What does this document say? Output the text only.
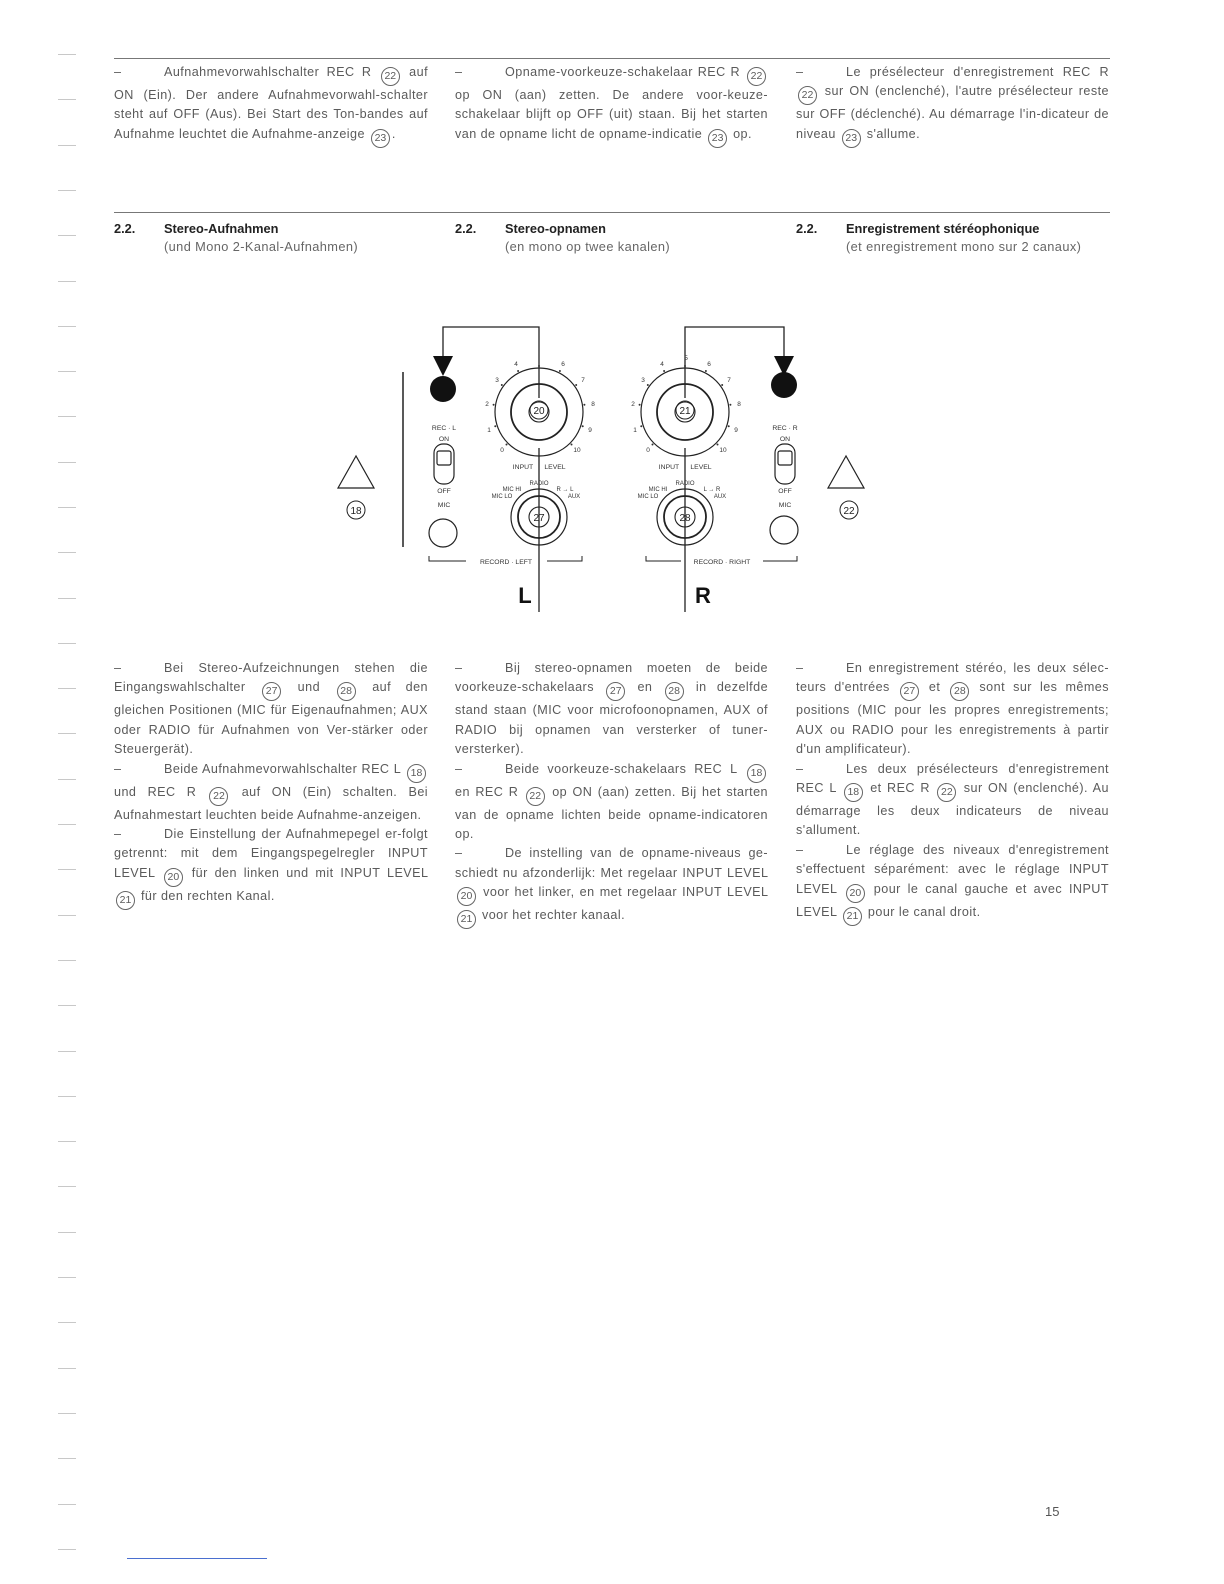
–	Aufnahmevorwahlschalter REC R 22 auf ON (Ein). Der andere Aufnahmevorwahl-schalter steht auf OFF (Aus). Bei Start des Ton-bandes auf Aufnahme leuchtet die Aufnahme-anzeige 23 .

–	Opname-voorkeuze-schakelaar REC R 22 op ON (aan) zetten. De andere voor-keuze-schakelaar blijft op OFF (uit) staan. Bij het starten van de opname licht de opname-indicatie 23 op.

–	Le présélecteur d'enregistrement REC R 22 sur ON (enclenché), l'autre présélecteur reste sur OFF (déclenché). Au démarrage l'in-dicateur de niveau 23 s'allume.

2.2. Stereo-Aufnahmen
(und Mono 2-Kanal-Aufnahmen)
2.2. Stereo-opnamen
(en mono op twee kanalen)
2.2. Enregistrement stéréophonique
(et enregistrement mono sur 2 canaux)
4	6
3	7
2	8
1	9
0	10
4
5
6
3	7
2	8
1	9
0	10
20	21
27	28
18	22
REC · L	REC · R
ON	ON
OFF	OFF
MIC	MIC
INPUT LEVEL	INPUT LEVEL
RADIO	RADIO
MIC HI
MIC LO
R → L
AUX
MIC HI
MIC LO
L → R
AUX
RECORD · LEFT	RECORD · RIGHT
L	R

–	Bei Stereo-Aufzeichnungen stehen die Eingangswahlschalter 27 und 28 auf den gleichen Positionen (MIC für Eigenaufnahmen; AUX oder RADIO für Aufnahmen von Ver-stärker oder Steuergerät).

–	Beide Aufnahmevorwahlschalter REC L 18 und REC R 22 auf ON (Ein) schalten. Bei Aufnahmestart leuchten beide Aufnahme-anzeigen.

–	Die Einstellung der Aufnahmepegel er-folgt getrennt: mit dem Eingangspegelregler INPUT LEVEL 20 für den linken und mit INPUT LEVEL 21 für den rechten Kanal.

–	Bij stereo-opnamen moeten de beide voorkeuze-schakelaars 27 en 28 in dezelfde stand staan (MIC voor microfoonopnamen, AUX of RADIO bij opnamen van versterker of tuner-versterker).

–	Beide voorkeuze-schakelaars REC L 18 en REC R 22 op ON (aan) zetten. Bij het starten van de opname lichten beide opname-indicatoren op.

–	De instelling van de opname-niveaus ge-schiedt nu afzonderlijk: Met regelaar INPUT LEVEL 20 voor het linker, en met regelaar INPUT LEVEL 21 voor het rechter kanaal.

–	En enregistrement stéréo, les deux sélec-teurs d'entrées 27 et 28 sont sur les mêmes positions (MIC pour les propres enregistrements; AUX ou RADIO pour les enregistrements à partir d'un amplificateur).

–	Les deux présélecteurs d'enregistrement REC L 18 et REC R 22 sur ON (enclenché). Au démarrage les deux indicateurs de niveau s'allument.

–	Le réglage des niveaux d'enregistrement s'effectuent séparément: avec le réglage INPUT LEVEL 20 pour le canal gauche et avec INPUT LEVEL 21 pour le canal droit.

15
